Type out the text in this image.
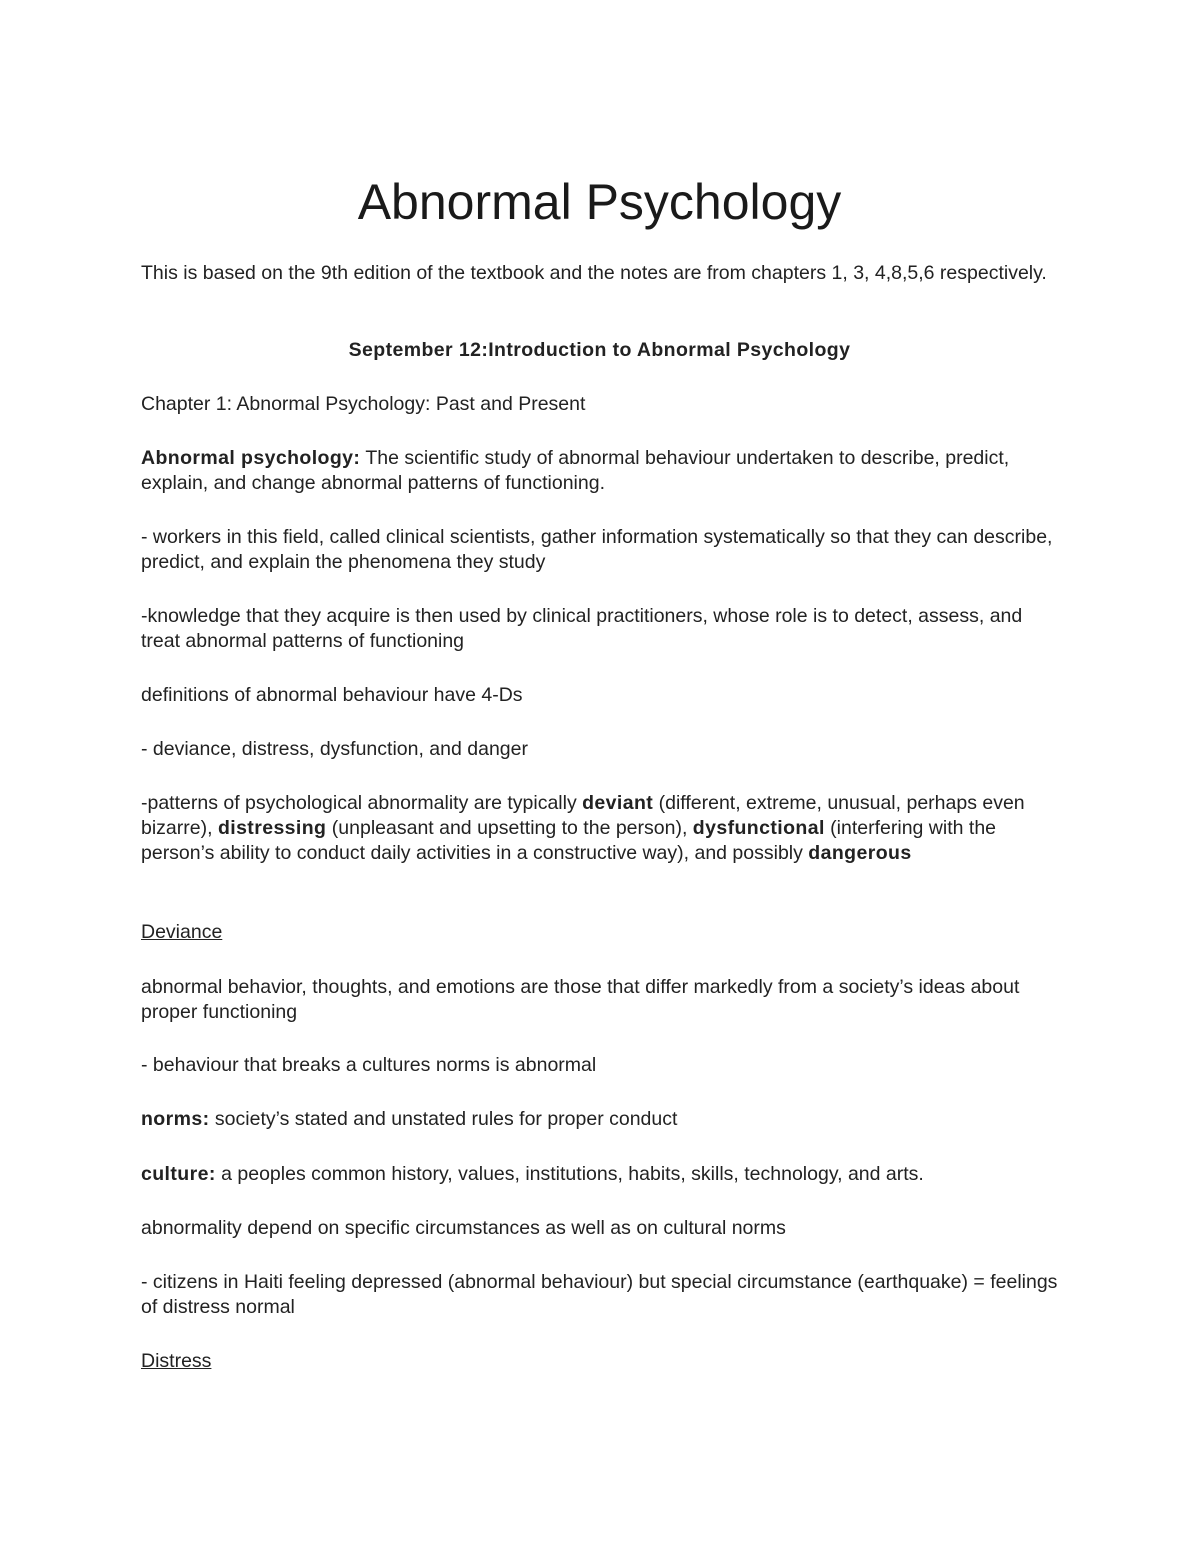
Abnormal Psychology

This is based on the 9th edition of the textbook and the notes are from chapters 1, 3, 4,8,5,6 respectively.

September 12:Introduction to Abnormal Psychology

Chapter 1: Abnormal Psychology: Past and Present

Abnormal psychology: The scientific study of abnormal behaviour undertaken to describe, predict, explain, and change abnormal patterns of functioning.

- workers in this field, called clinical scientists, gather information systematically so that they can describe, predict, and explain the phenomena they study

-knowledge that they acquire is then used by clinical practitioners, whose role is to detect, assess, and treat abnormal patterns of functioning

definitions of abnormal behaviour have 4-Ds

- deviance, distress, dysfunction, and danger

-patterns of psychological abnormality are typically deviant (different, extreme, unusual, perhaps even bizarre), distressing (unpleasant and upsetting to the person), dysfunctional (interfering with the person’s ability to conduct daily activities in a constructive way), and possibly dangerous

Deviance

abnormal behavior, thoughts, and emotions are those that differ markedly from a society’s ideas about proper functioning

- behaviour that breaks a cultures norms is abnormal

norms: society’s stated and unstated rules for proper conduct

culture: a peoples common history, values, institutions, habits, skills, technology, and arts.

abnormality depend on specific circumstances as well as on cultural norms

- citizens in Haiti feeling depressed (abnormal behaviour) but special circumstance (earthquake) = feelings of distress normal

Distress
